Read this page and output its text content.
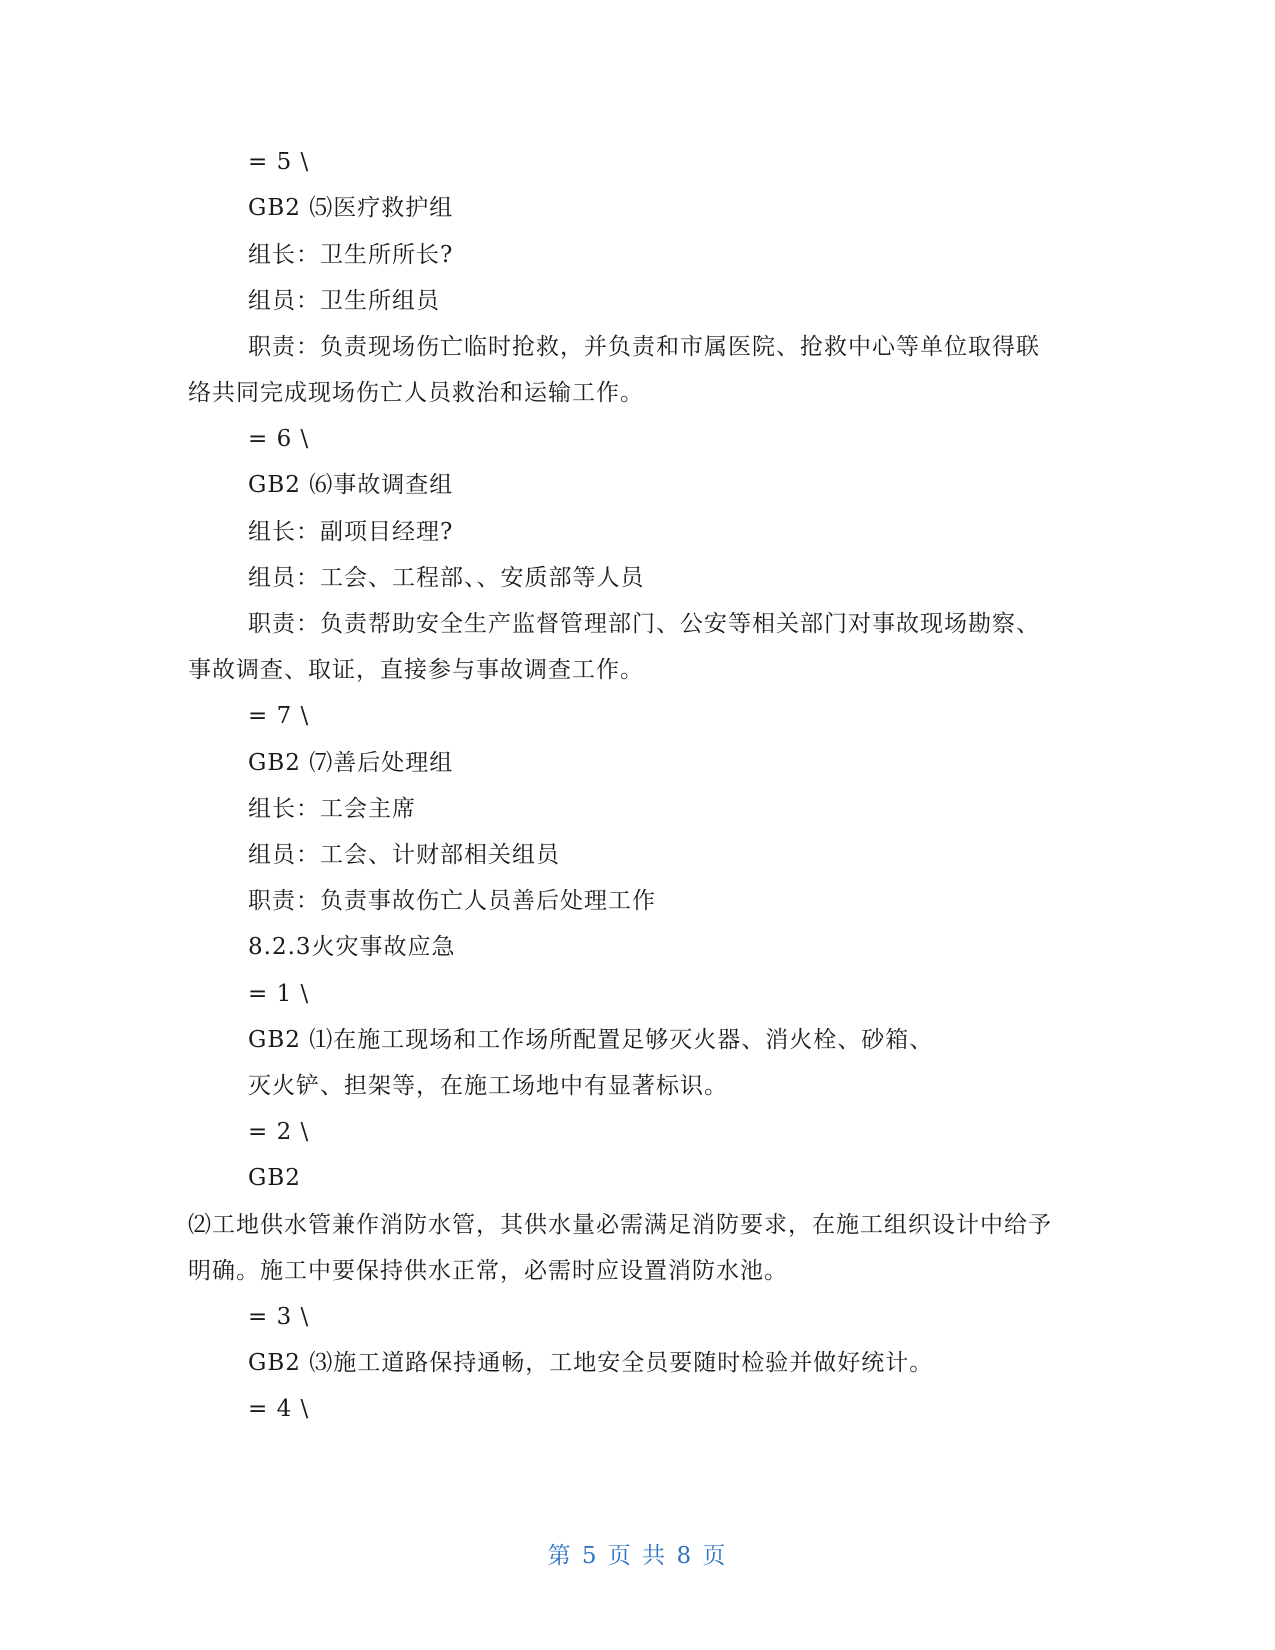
= 5 \
GB2 ⑸医疗救护组
组长：卫生所所长?
组员：卫生所组员
职责：负责现场伤亡临时抢救，并负责和市属医院、抢救中心等单位取得联
络共同完成现场伤亡人员救治和运输工作。
= 6 \
GB2 ⑹事故调查组
组长：副项目经理?
组员：工会、工程部、、安质部等人员
职责：负责帮助安全生产监督管理部门、公安等相关部门对事故现场勘察、
事故调查、取证，直接参与事故调查工作。
= 7 \
GB2 ⑺善后处理组
组长：工会主席
组员：工会、计财部相关组员
职责：负责事故伤亡人员善后处理工作
8.2.3火灾事故应急
= 1 \
GB2 ⑴在施工现场和工作场所配置足够灭火器、消火栓、砂箱、
灭火铲、担架等，在施工场地中有显著标识。
= 2 \
GB2
⑵工地供水管兼作消防水管，其供水量必需满足消防要求，在施工组织设计中给予
明确。施工中要保持供水正常，必需时应设置消防水池。
= 3 \
GB2 ⑶施工道路保持通畅，工地安全员要随时检验并做好统计。
= 4 \
第 5 页 共 8 页
